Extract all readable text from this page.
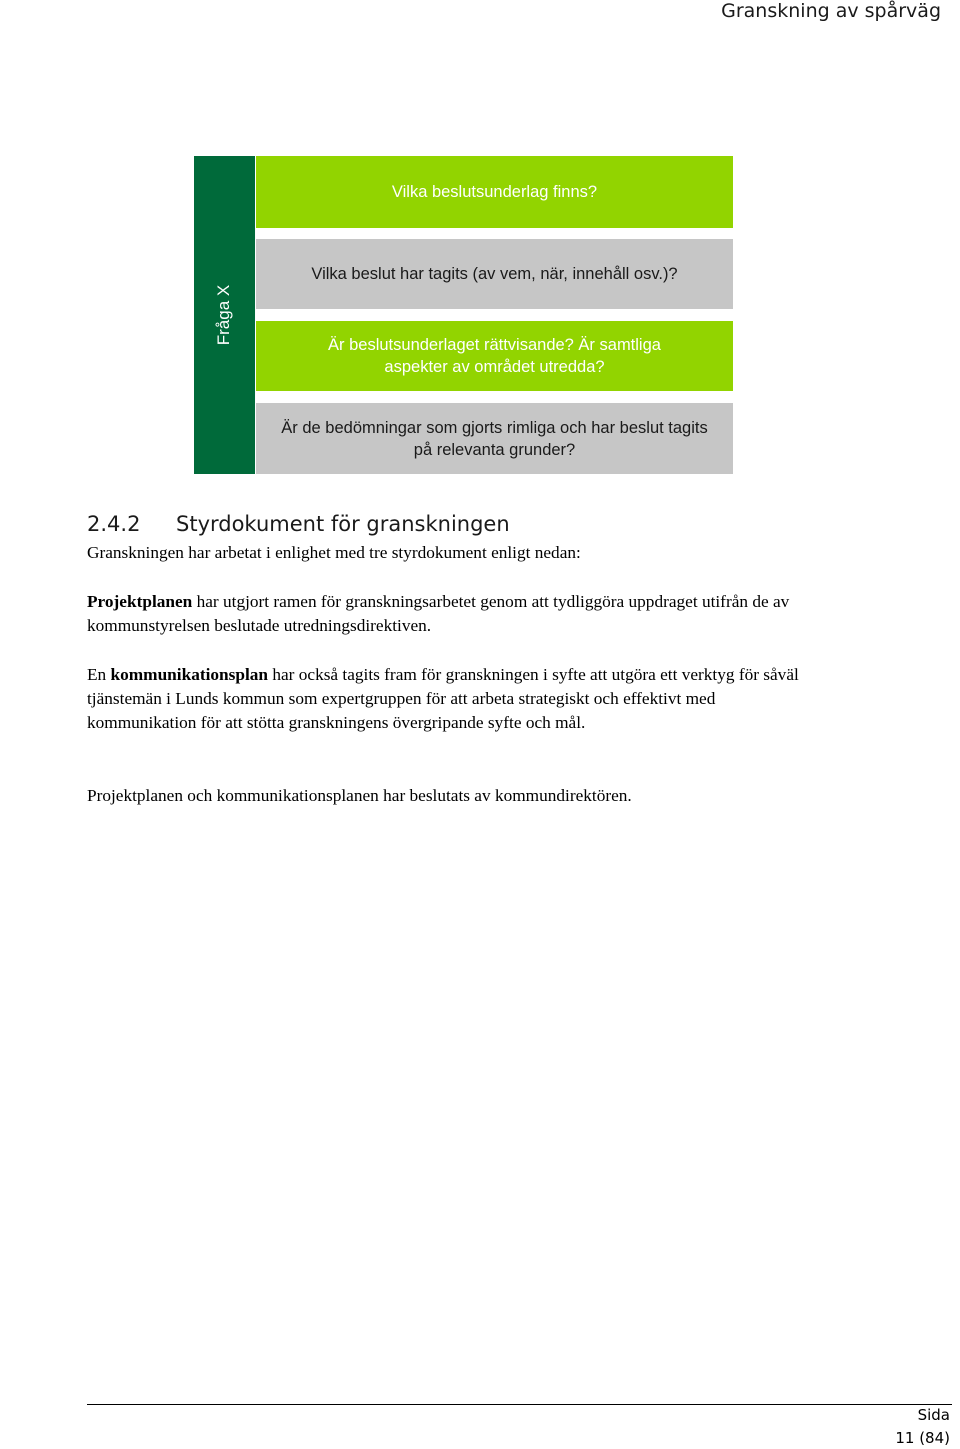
Granskning av spårväg
Fråga X
Vilka beslutsunderlag finns?
Vilka beslut har tagits (av vem, när, innehåll osv.)?
Är beslutsunderlaget rättvisande? Är samtliga aspekter av området utredda?
Är de bedömningar som gjorts rimliga och har beslut tagits på relevanta grunder?
2.4.2 Styrdokument för granskningen

Granskningen har arbetat i enlighet med tre styrdokument enligt nedan:

Projektplanen har utgjort ramen för granskningsarbetet genom att tydliggöra uppdraget utifrån de av kommunstyrelsen beslutade utredningsdirektiven.

En kommunikationsplan har också tagits fram för granskningen i syfte att utgöra ett verktyg för såväl tjänstemän i Lunds kommun som expertgruppen för att arbeta strategiskt och effektivt med kommunikation för att stötta granskningens övergripande syfte och mål.

Projektplanen och kommunikationsplanen har beslutats av kommundirektören.

Sida
11 (84)
